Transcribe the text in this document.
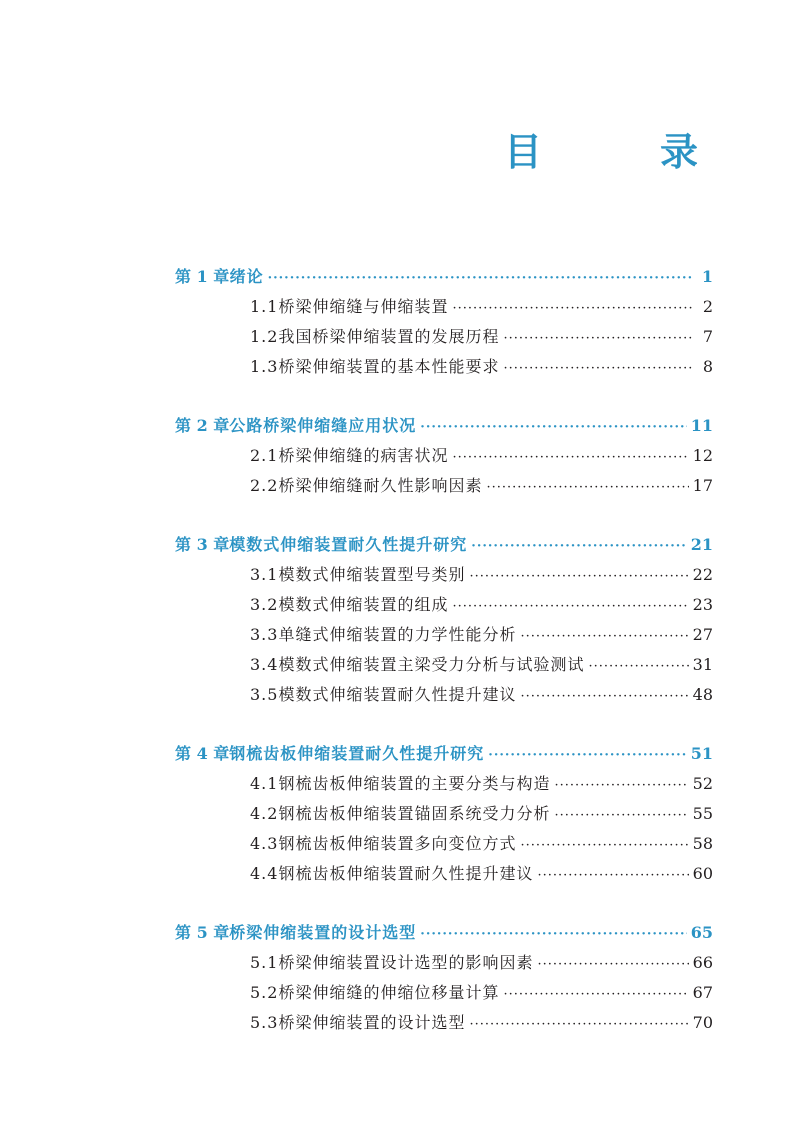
目　录
第 1 章 绪论 ·····	1
1.1 桥梁伸缩缝与伸缩装置 ·····	2
1.2 我国桥梁伸缩装置的发展历程 ·····	7
1.3 桥梁伸缩装置的基本性能要求 ·····	8
第 2 章 公路桥梁伸缩缝应用状况 ·····	11
2.1 桥梁伸缩缝的病害状况 ·····	12
2.2 桥梁伸缩缝耐久性影响因素 ·····	17
第 3 章 模数式伸缩装置耐久性提升研究 ·····	21
3.1 模数式伸缩装置型号类别 ·····	22
3.2 模数式伸缩装置的组成 ·····	23
3.3 单缝式伸缩装置的力学性能分析 ·····	27
3.4 模数式伸缩装置主梁受力分析与试验测试 ·····	31
3.5 模数式伸缩装置耐久性提升建议 ·····	48
第 4 章 钢梳齿板伸缩装置耐久性提升研究 ·····	51
4.1 钢梳齿板伸缩装置的主要分类与构造 ·····	52
4.2 钢梳齿板伸缩装置锚固系统受力分析 ·····	55
4.3 钢梳齿板伸缩装置多向变位方式 ·····	58
4.4 钢梳齿板伸缩装置耐久性提升建议 ·····	60
第 5 章 桥梁伸缩装置的设计选型 ·····	65
5.1 桥梁伸缩装置设计选型的影响因素 ·····	66
5.2 桥梁伸缩缝的伸缩位移量计算 ·····	67
5.3 桥梁伸缩装置的设计选型 ·····	70
